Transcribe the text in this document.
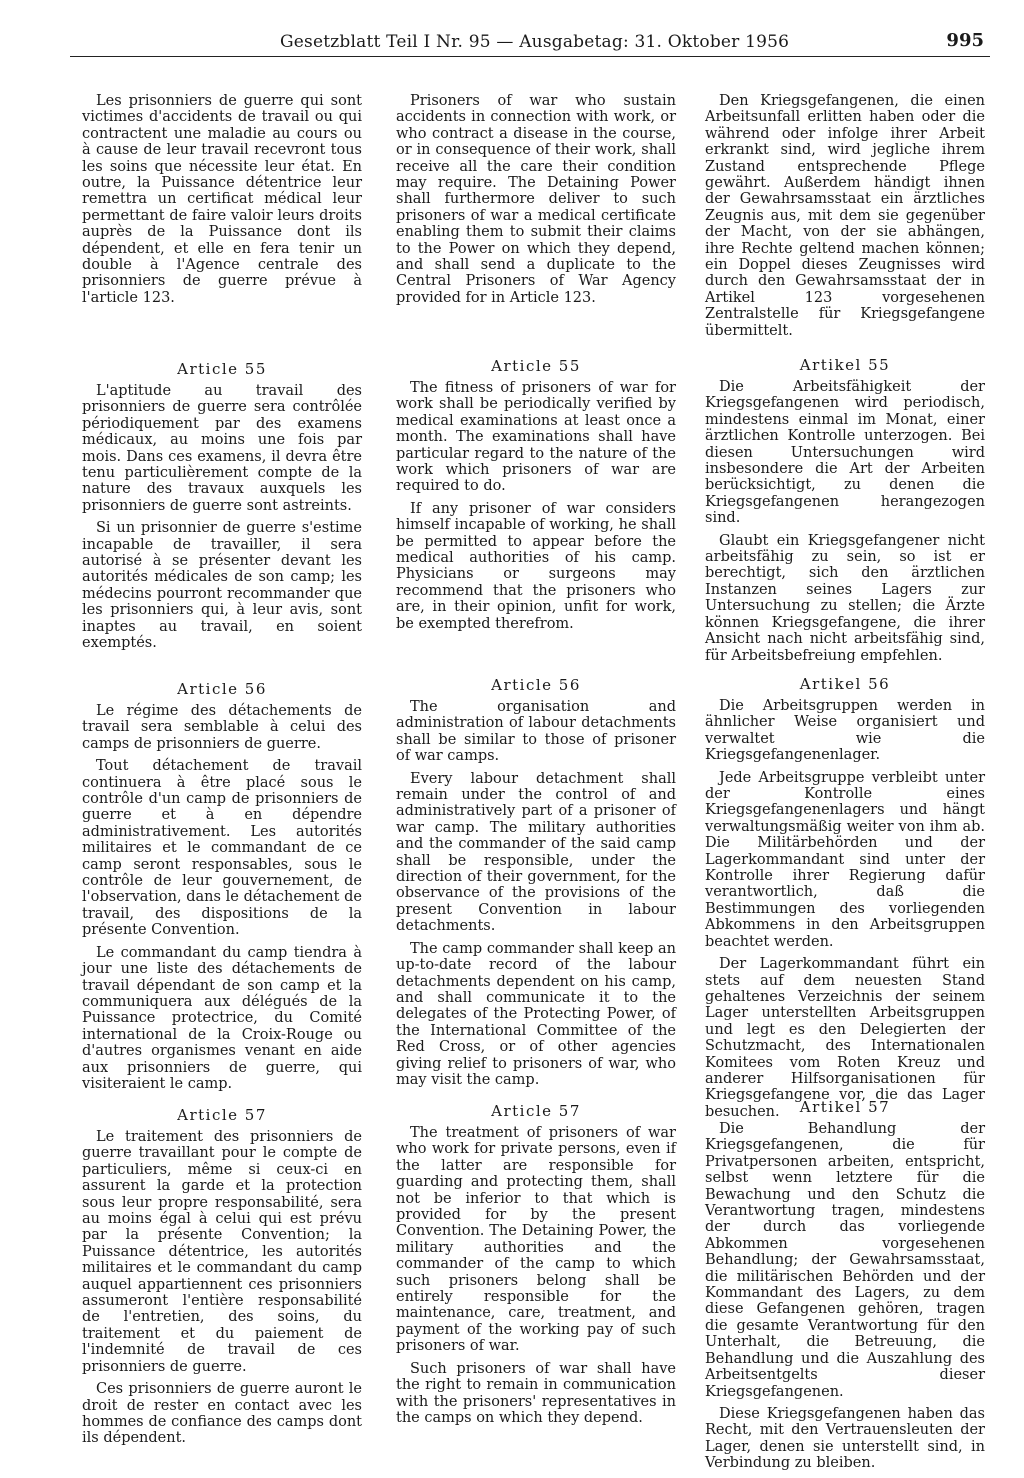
Gesetzblatt Teil I Nr. 95 — Ausgabetag: 31. Oktober 1956	995

Les prisonniers de guerre qui sont victimes d'accidents de travail ou qui contractent une maladie au cours ou à cause de leur travail recevront tous les soins que nécessite leur état. En outre, la Puissance détentrice leur remettra un certificat médical leur permettant de faire valoir leurs droits auprès de la Puissance dont ils dépendent, et elle en fera tenir un double à l'Agence centrale des prisonniers de guerre prévue à l'article 123.

Article 55

L'aptitude au travail des prisonniers de guerre sera contrôlée périodiquement par des examens médicaux, au moins une fois par mois. Dans ces examens, il devra être tenu particulièrement compte de la nature des travaux auxquels les prisonniers de guerre sont astreints.

Si un prisonnier de guerre s'estime incapable de travailler, il sera autorisé à se présenter devant les autorités médicales de son camp; les médecins pourront recommander que les prisonniers qui, à leur avis, sont inaptes au travail, en soient exemptés.

Article 56

Le régime des détachements de travail sera semblable à celui des camps de prisonniers de guerre.

Tout détachement de travail continuera à être placé sous le contrôle d'un camp de prisonniers de guerre et à en dépendre administrativement. Les autorités militaires et le commandant de ce camp seront responsables, sous le contrôle de leur gouvernement, de l'observation, dans le détachement de travail, des dispositions de la présente Convention.

Le commandant du camp tiendra à jour une liste des détachements de travail dépendant de son camp et la communiquera aux délégués de la Puissance protectrice, du Comité international de la Croix-Rouge ou d'autres organismes venant en aide aux prisonniers de guerre, qui visiteraient le camp.

Article 57

Le traitement des prisonniers de guerre travaillant pour le compte de particuliers, même si ceux-ci en assurent la garde et la protection sous leur propre responsabilité, sera au moins égal à celui qui est prévu par la présente Convention; la Puissance détentrice, les autorités militaires et le commandant du camp auquel appartiennent ces prisonniers assumeront l'entière responsabilité de l'entretien, des soins, du traitement et du paiement de l'indemnité de travail de ces prisonniers de guerre.

Ces prisonniers de guerre auront le droit de rester en contact avec les hommes de confiance des camps dont ils dépendent.

Prisoners of war who sustain accidents in connection with work, or who contract a disease in the course, or in consequence of their work, shall receive all the care their condition may require. The Detaining Power shall furthermore deliver to such prisoners of war a medical certificate enabling them to submit their claims to the Power on which they depend, and shall send a duplicate to the Central Prisoners of War Agency provided for in Article 123.

Article 55

The fitness of prisoners of war for work shall be periodically verified by medical examinations at least once a month. The examinations shall have particular regard to the nature of the work which prisoners of war are required to do.

If any prisoner of war considers himself incapable of working, he shall be permitted to appear before the medical authorities of his camp. Physicians or surgeons may recommend that the prisoners who are, in their opinion, unfit for work, be exempted therefrom.

Article 56

The organisation and administration of labour detachments shall be similar to those of prisoner of war camps.

Every labour detachment shall remain under the control of and administratively part of a prisoner of war camp. The military authorities and the commander of the said camp shall be responsible, under the direction of their government, for the observance of the provisions of the present Convention in labour detachments.

The camp commander shall keep an up-to-date record of the labour detachments dependent on his camp, and shall communicate it to the delegates of the Protecting Power, of the International Committee of the Red Cross, or of other agencies giving relief to prisoners of war, who may visit the camp.

Article 57

The treatment of prisoners of war who work for private persons, even if the latter are responsible for guarding and protecting them, shall not be inferior to that which is provided for by the present Convention. The Detaining Power, the military authorities and the commander of the camp to which such prisoners belong shall be entirely responsible for the maintenance, care, treatment, and payment of the working pay of such prisoners of war.

Such prisoners of war shall have the right to remain in communication with the prisoners' representatives in the camps on which they depend.

Den Kriegsgefangenen, die einen Arbeitsunfall erlitten haben oder die während oder infolge ihrer Arbeit erkrankt sind, wird jegliche ihrem Zustand entsprechende Pflege gewährt. Außerdem händigt ihnen der Gewahrsamsstaat ein ärztliches Zeugnis aus, mit dem sie gegenüber der Macht, von der sie abhängen, ihre Rechte geltend machen können; ein Doppel dieses Zeugnisses wird durch den Gewahrsamsstaat der in Artikel 123 vorgesehenen Zentralstelle für Kriegsgefangene übermittelt.

Artikel 55

Die Arbeitsfähigkeit der Kriegsgefangenen wird periodisch, mindestens einmal im Monat, einer ärztlichen Kontrolle unterzogen. Bei diesen Untersuchungen wird insbesondere die Art der Arbeiten berücksichtigt, zu denen die Kriegsgefangenen herangezogen sind.

Glaubt ein Kriegsgefangener nicht arbeitsfähig zu sein, so ist er berechtigt, sich den ärztlichen Instanzen seines Lagers zur Untersuchung zu stellen; die Ärzte können Kriegsgefangene, die ihrer Ansicht nach nicht arbeitsfähig sind, für Arbeitsbefreiung empfehlen.

Artikel 56

Die Arbeitsgruppen werden in ähnlicher Weise organisiert und verwaltet wie die Kriegsgefangenenlager.

Jede Arbeitsgruppe verbleibt unter der Kontrolle eines Kriegsgefangenenlagers und hängt verwaltungsmäßig weiter von ihm ab. Die Militärbehörden und der Lagerkommandant sind unter der Kontrolle ihrer Regierung dafür verantwortlich, daß die Bestimmungen des vorliegenden Abkommens in den Arbeitsgruppen beachtet werden.

Der Lagerkommandant führt ein stets auf dem neuesten Stand gehaltenes Verzeichnis der seinem Lager unterstellten Arbeitsgruppen und legt es den Delegierten der Schutzmacht, des Internationalen Komitees vom Roten Kreuz und anderer Hilfsorganisationen für Kriegsgefangene vor, die das Lager besuchen.	Artikel 57

Die Behandlung der Kriegsgefangenen, die für Privatpersonen arbeiten, entspricht, selbst wenn letztere für die Bewachung und den Schutz die Verantwortung tragen, mindestens der durch das vorliegende Abkommen vorgesehenen Behandlung; der Gewahrsamsstaat, die militärischen Behörden und der Kommandant des Lagers, zu dem diese Gefangenen gehören, tragen die gesamte Verantwortung für den Unterhalt, die Betreuung, die Behandlung und die Auszahlung des Arbeitsentgelts dieser Kriegsgefangenen.

Diese Kriegsgefangenen haben das Recht, mit den Vertrauensleuten der Lager, denen sie unterstellt sind, in Verbindung zu bleiben.
